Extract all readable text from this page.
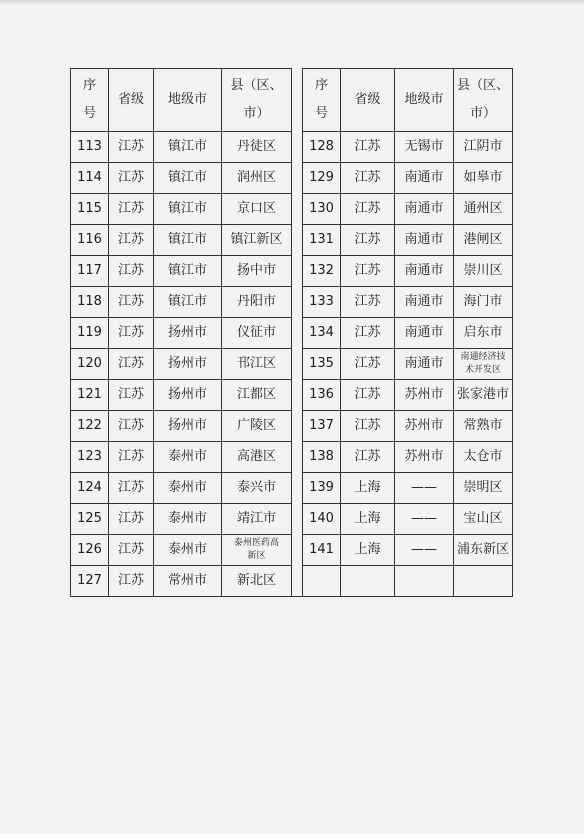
序
号	省级	地级市	县（区、
市）		序
号	省级	地级市	县（区、
市）

113	江苏	镇江市	丹徒区		128	江苏	无锡市	江阴市
114	江苏	镇江市	润州区		129	江苏	南通市	如皋市
115	江苏	镇江市	京口区		130	江苏	南通市	通州区
116	江苏	镇江市	镇江新区		131	江苏	南通市	港闸区
117	江苏	镇江市	扬中市		132	江苏	南通市	崇川区
118	江苏	镇江市	丹阳市		133	江苏	南通市	海门市
119	江苏	扬州市	仪征市		134	江苏	南通市	启东市
120	江苏	扬州市	邗江区		135	江苏	南通市	南通经济技
术开发区

121	江苏	扬州市	江都区		136	江苏	苏州市	张家港市
122	江苏	扬州市	广陵区		137	江苏	苏州市	常熟市
123	江苏	泰州市	高港区		138	江苏	苏州市	太仓市
124	江苏	泰州市	泰兴市		139	上海	——	崇明区
125	江苏	泰州市	靖江市		140	上海	——	宝山区
126	江苏	泰州市	泰州医药高
新区		141	上海	——	浦东新区
127	江苏	常州市	新北区					
